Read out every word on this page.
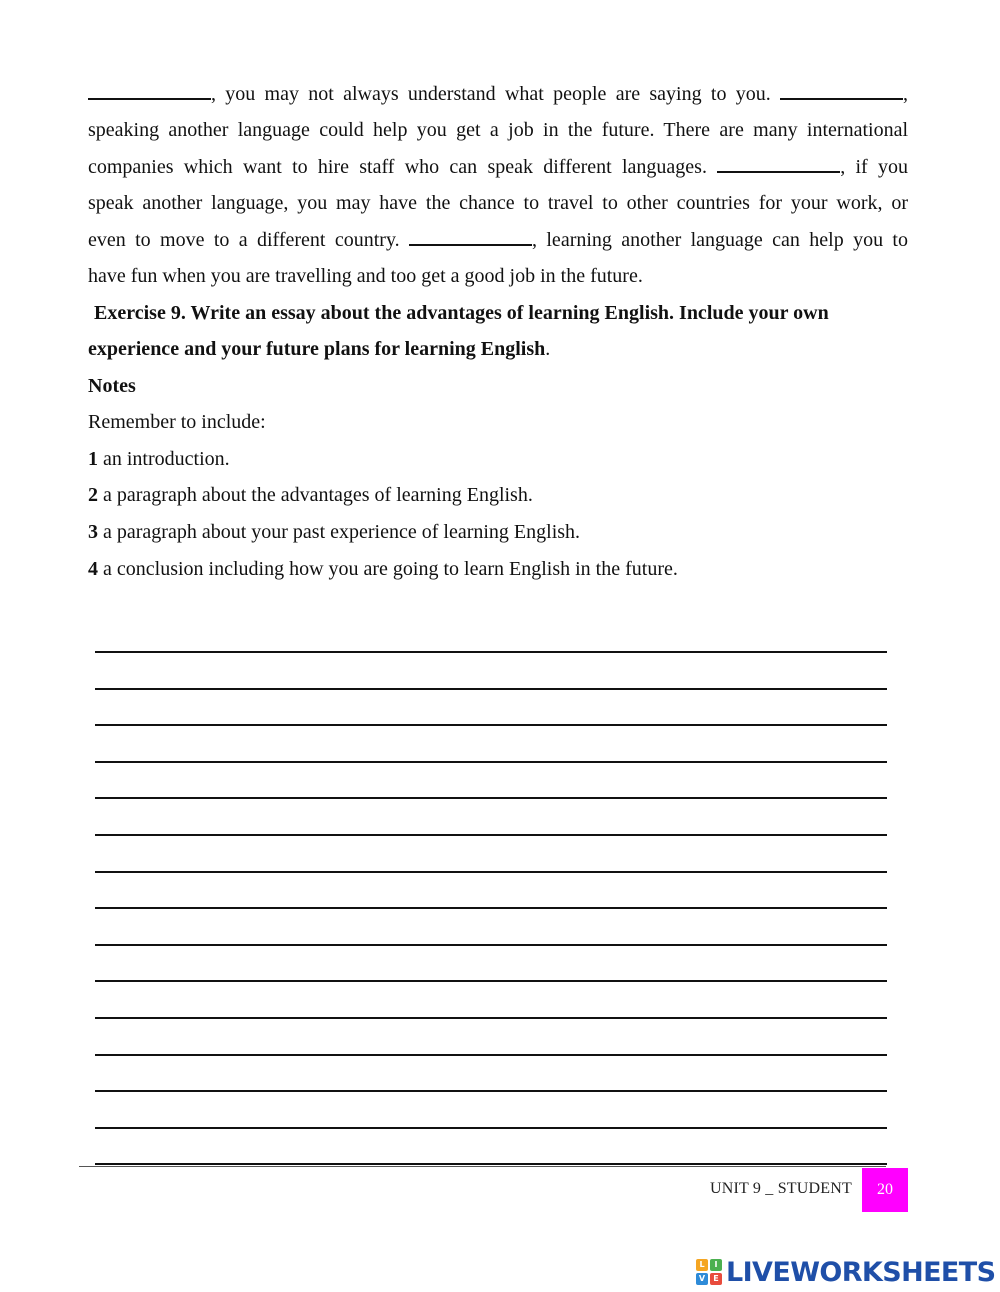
, you may not always understand what people are saying to you.	,
speaking another language could help you get a job in the future. There are many international
companies which want to hire staff who can speak different languages.	, if you
speak another language, you may have the chance to travel to other countries for your work, or
even to move to a different country.	, learning another language can help you to
have fun when you are travelling and too get a good job in the future.
Exercise 9. Write an essay about the advantages of learning English. Include your own
experience and your future plans for learning English.
Notes
Remember to include:
1 an introduction.
2 a paragraph about the advantages of learning English.
3 a paragraph about your past experience of learning English.
4 a conclusion including how you are going to learn English in the future.
UNIT 9 _ STUDENT 20
L	I
V	E LIVEWORKSHEETS
